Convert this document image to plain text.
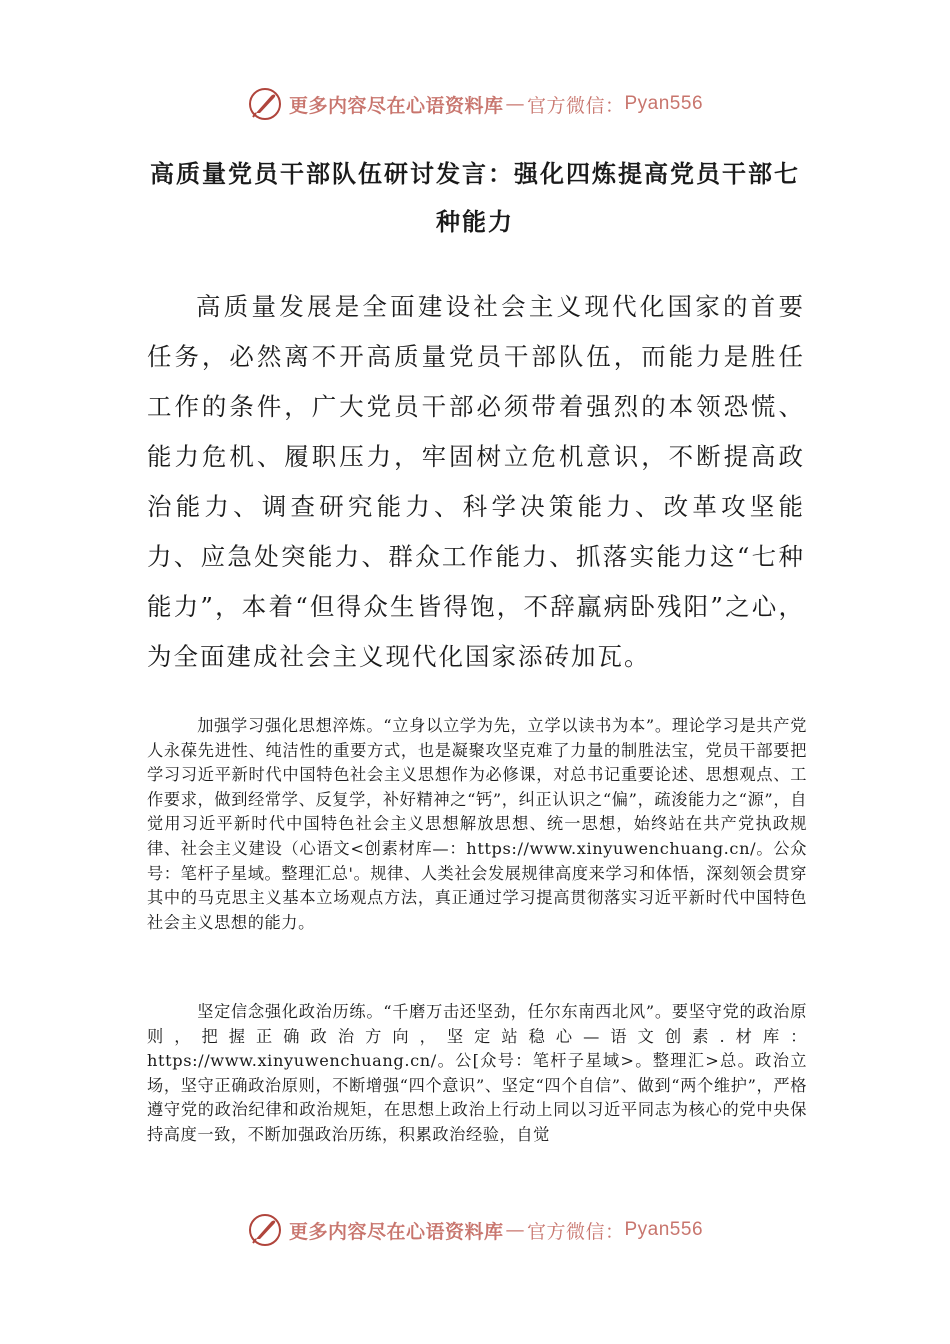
更多内容尽在心语资料库 — 官方微信： Pyan556
高质量党员干部队伍研讨发言：强化四炼提高党员干部七种能力

高质量发展是全面建设社会主义现代化国家的首要任务，必然离不开高质量党员干部队伍，而能力是胜任工作的条件，广大党员干部必须带着强烈的本领恐慌、能力危机、履职压力，牢固树立危机意识，不断提高政治能力、调查研究能力、科学决策能力、改革攻坚能力、应急处突能力、群众工作能力、抓落实能力这“七种能力”，本着“但得众生皆得饱，不辞羸病卧残阳”之心，为全面建成社会主义现代化国家添砖加瓦。

加强学习强化思想淬炼。“立身以立学为先，立学以读书为本”。理论学习是共产党人永葆先进性、纯洁性的重要方式，也是凝聚攻坚克难了力量的制胜法宝，党员干部要把学习习近平新时代中国特色社会主义思想作为必修课，对总书记重要论述、思想观点、工作要求，做到经常学、反复学，补好精神之“钙”，纠正认识之“偏”，疏浚能力之“源”，自觉用习近平新时代中国特色社会主义思想解放思想、统一思想，始终站在共产党执政规律、社会主义建设（心语文<创素材库—：https://www.xinyuwenchuang.cn/。公众号：笔杆子星域。整理汇总'。规律、人类社会发展规律高度来学习和体悟，深刻领会贯穿其中的马克思主义基本立场观点方法，真正通过学习提高贯彻落实习近平新时代中国特色社会主义思想的能力。

坚定信念强化政治历练。“千磨万击还坚劲，任尔东南西北风”。要坚守党的政治原则，把握正确政治方向，坚定站稳心—语文创素.材库：https://www.xinyuwenchuang.cn/。公[众号：笔杆子星域>。整理汇>总。政治立场，坚守正确政治原则，不断增强“四个意识”、坚定“四个自信”、做到“两个维护”，严格遵守党的政治纪律和政治规矩，在思想上政治上行动上同以习近平同志为核心的党中央保持高度一致，不断加强政治历练，积累政治经验，自觉

更多内容尽在心语资料库 — 官方微信： Pyan556
